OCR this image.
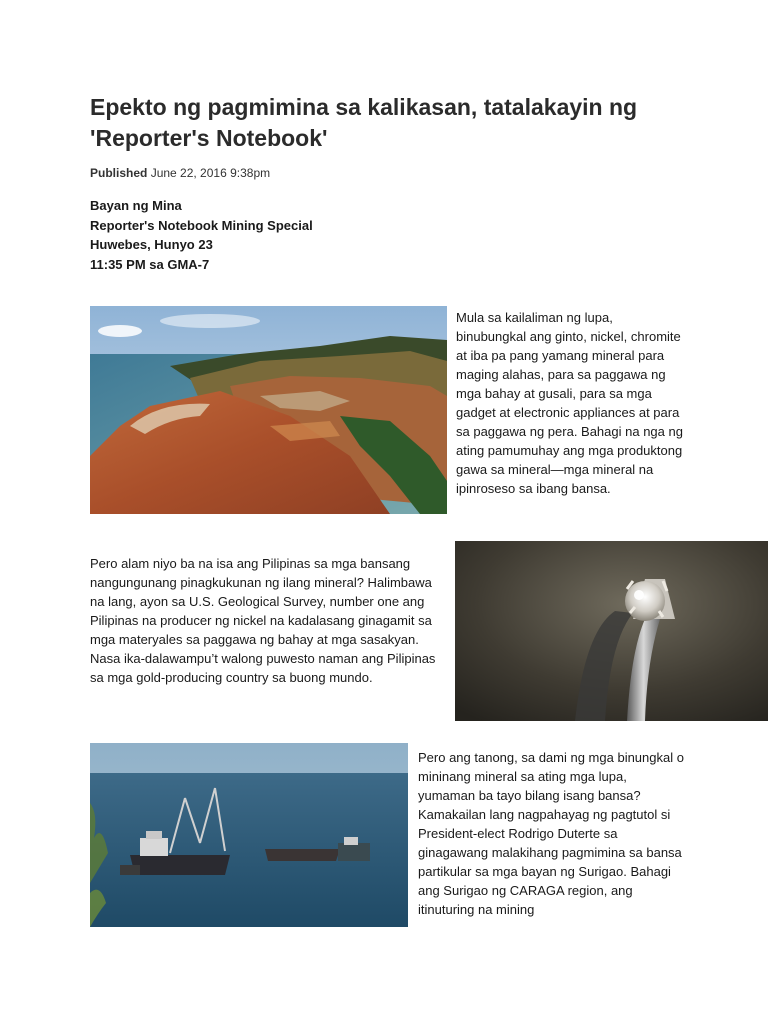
Epekto ng pagmimina sa kalikasan, tatalakayin ng 'Reporter's Notebook'
Published June 22, 2016 9:38pm
Bayan ng Mina
Reporter's Notebook Mining Special
Huwebes, Hunyo 23
11:35 PM sa GMA-7

Mula sa kailaliman ng lupa, binubungkal ang ginto, nickel, chromite at iba pa pang yamang mineral para maging alahas, para sa paggawa ng mga bahay at gusali, para sa mga gadget at electronic appliances at para sa paggawa ng pera. Bahagi na nga ng ating pamumuhay ang mga produktong gawa sa mineral—mga mineral na ipinroseso sa ibang bansa.

Pero alam niyo ba na isa ang Pilipinas sa mga bansang nangungunang pinagkukunan ng ilang mineral? Halimbawa na lang, ayon sa U.S. Geological Survey, number one ang Pilipinas na producer ng nickel na kadalasang ginagamit sa mga materyales sa paggawa ng bahay at mga sasakyan. Nasa ika-dalawampu’t walong puwesto naman ang Pilipinas sa mga gold-producing country sa buong mundo.

Pero ang tanong, sa dami ng mga binungkal o mininang mineral sa ating mga lupa, yumaman ba tayo bilang isang bansa? Kamakailan lang nagpahayag ng pagtutol si President-elect Rodrigo Duterte sa ginagawang malakihang pagmimina sa bansa partikular sa mga bayan ng Surigao. Bahagi ang Surigao ng CARAGA region, ang itinuturing na mining
